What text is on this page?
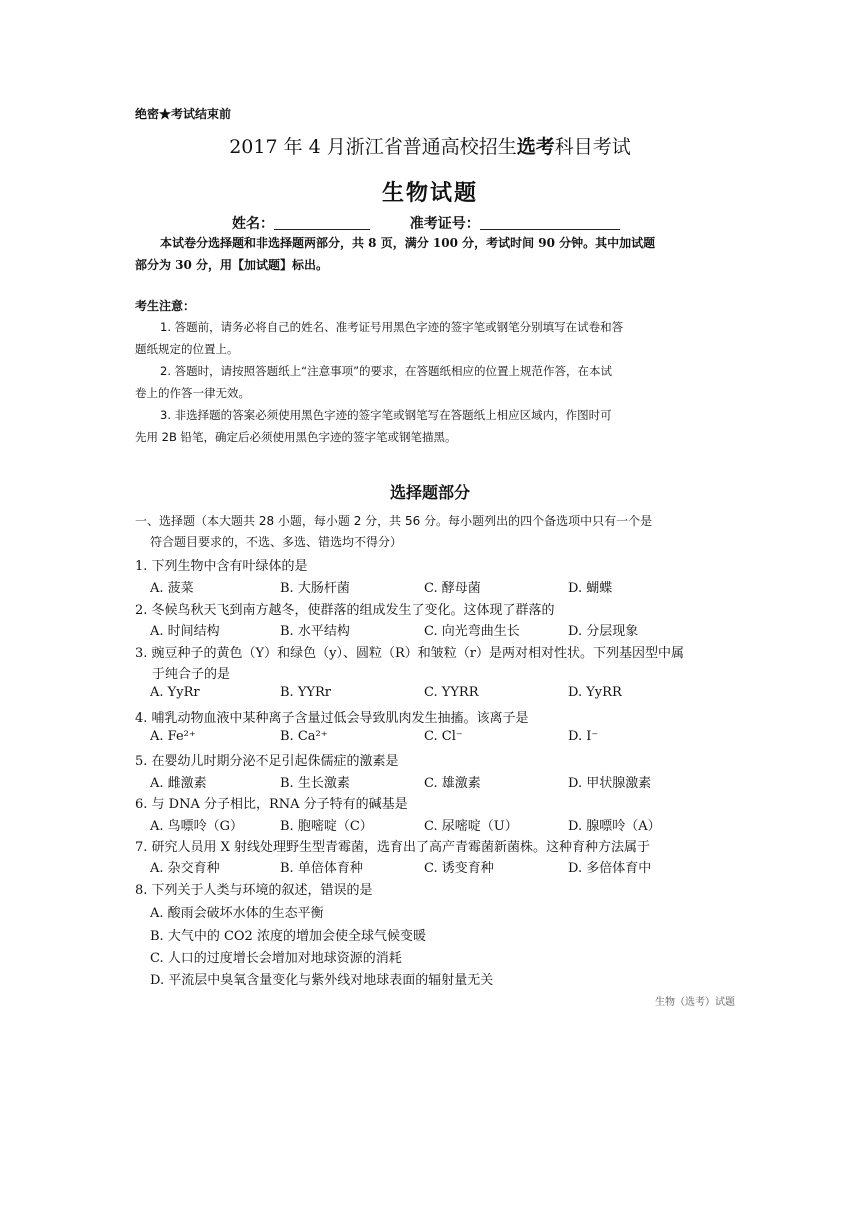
绝密★考试结束前
2017 年 4 月浙江省普通高校招生选考科目考试
生物试题
姓名：	准考证号：
本试卷分选择题和非选择题两部分，共 8 页，满分 100 分，考试时间 90 分钟。其中加试题
部分为 30 分，用【加试题】标出。
考生注意：
1. 答题前，请务必将自己的姓名、准考证号用黑色字迹的签字笔或钢笔分别填写在试卷和答
题纸规定的位置上。
2. 答题时，请按照答题纸上“注意事项”的要求，在答题纸相应的位置上规范作答，在本试
卷上的作答一律无效。
3. 非选择题的答案必须使用黑色字迹的签字笔或钢笔写在答题纸上相应区域内，作图时可
先用 2B 铅笔，确定后必须使用黑色字迹的签字笔或钢笔描黑。
选择题部分
一、选择题（本大题共 28 小题，每小题 2 分，共 56 分。每小题列出的四个备选项中只有一个是
符合题目要求的，不选、多选、错选均不得分）
1. 下列生物中含有叶绿体的是
A. 菠菜	B. 大肠杆菌	C. 酵母菌	D. 蝴蝶
2. 冬候鸟秋天飞到南方越冬，使群落的组成发生了变化。这体现了群落的
A. 时间结构	B. 水平结构	C. 向光弯曲生长	D. 分层现象
3. 豌豆种子的黄色（Y）和绿色（y）、圆粒（R）和皱粒（r）是两对相对性状。下列基因型中属
于纯合子的是
A. YyRr	B. YYRr	C. YYRR	D. YyRR
4. 哺乳动物血液中某种离子含量过低会导致肌肉发生抽搐。该离子是
A. Fe²⁺	B. Ca²⁺	C. Cl⁻	D. I⁻
5. 在婴幼儿时期分泌不足引起侏儒症的激素是
A. 雌激素	B. 生长激素	C. 雄激素	D. 甲状腺激素
6. 与 DNA 分子相比，RNA 分子特有的碱基是
A. 鸟嘌呤（G）	B. 胞嘧啶（C）	C. 尿嘧啶（U）	D. 腺嘌呤（A）
7. 研究人员用 X 射线处理野生型青霉菌，选育出了高产青霉菌新菌株。这种育种方法属于
A. 杂交育种	B. 单倍体育种	C. 诱变育种	D. 多倍体育中
8. 下列关于人类与环境的叙述，错误的是
A. 酸雨会破坏水体的生态平衡
B. 大气中的 CO2 浓度的增加会使全球气候变暖
C. 人口的过度增长会增加对地球资源的消耗
D. 平流层中臭氧含量变化与紫外线对地球表面的辐射量无关
生物（选考）试题
